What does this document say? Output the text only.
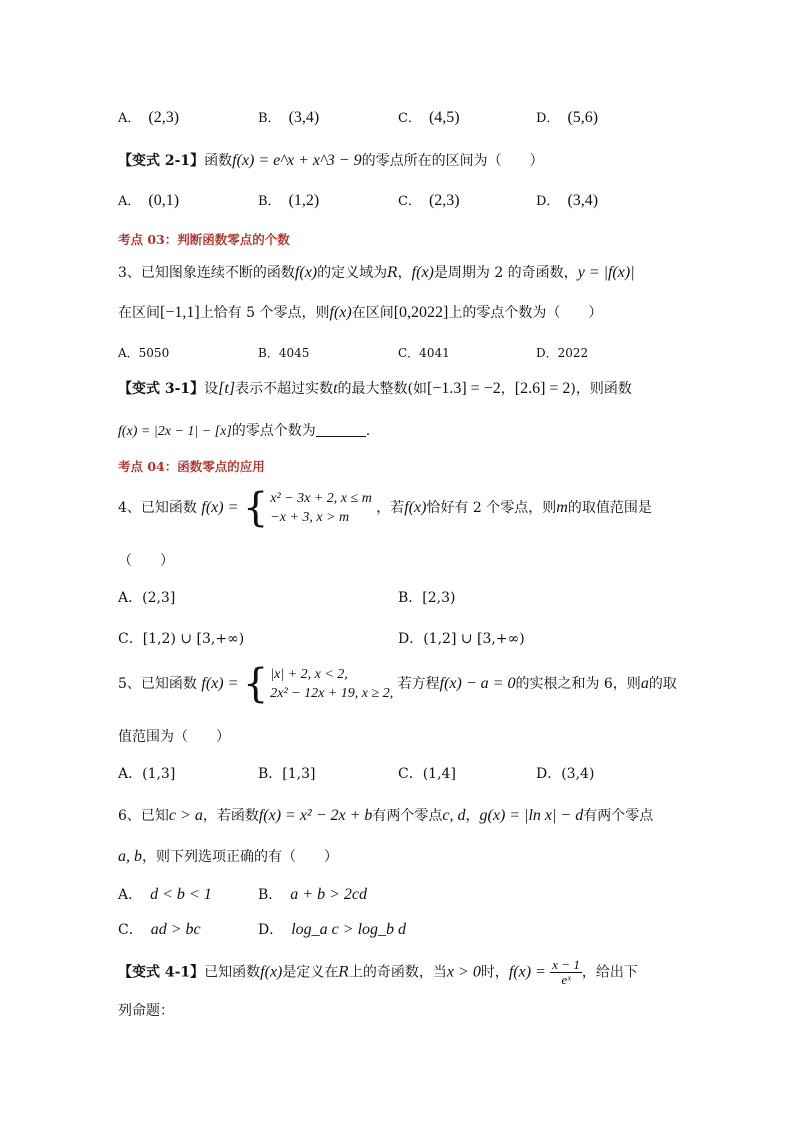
A． (2,3)	B． (3,4)	C． (4,5)	D． (5,6)
【变式 2-1】函数f(x) = e^x + x^3 − 9的零点所在的区间为（　　）
A． (0,1)	B． (1,2)	C． (2,3)	D． (3,4)
考点 03：判断函数零点的个数
3、已知图象连续不断的函数f(x)的定义域为R，f(x)是周期为 2 的奇函数，y = |f(x)|
在区间[−1,1]上恰有 5 个零点，则f(x)在区间[0,2022]上的零点个数为（　　）
A．5050	B．4045	C．4041	D．2022
【变式 3-1】设[t]表示不超过实数t的最大整数(如[−1.3] = −2，[2.6] = 2)，则函数
f(x) = |2x − 1| − [x]的零点个数为	.
考点 04：函数零点的应用
4、已知函数 f(x) = { x² − 3x + 2, x ≤ m
−x + 3, x > m
，若f(x)恰好有 2 个零点，则m的取值范围是
（　　）
A．(2,3]	B．[2,3)
C．[1,2) ∪ [3,+∞)	D．(1,2] ∪ [3,+∞)
5、已知函数 f(x) = { |x| + 2, x < 2,
2x² − 12x + 19, x ≥ 2,
若方程f(x) − a = 0的实根之和为 6，则a的取
值范围为（　　）
A．(1,3]	B．[1,3]	C．(1,4]	D．(3,4)
6、已知c > a，若函数f(x) = x² − 2x + b有两个零点c, d，g(x) = |ln x| − d有两个零点
a, b，则下列选项正确的有（　　）
A． d < b < 1	B． a + b > 2cd
C． ad > bc	D． log_a c > log_b d
【变式 4-1】已知函数f(x)是定义在R上的奇函数，当x > 0时，$f(x) = \frac{x - 1}{\text{eˣ}}$ ，给出下
列命题：
